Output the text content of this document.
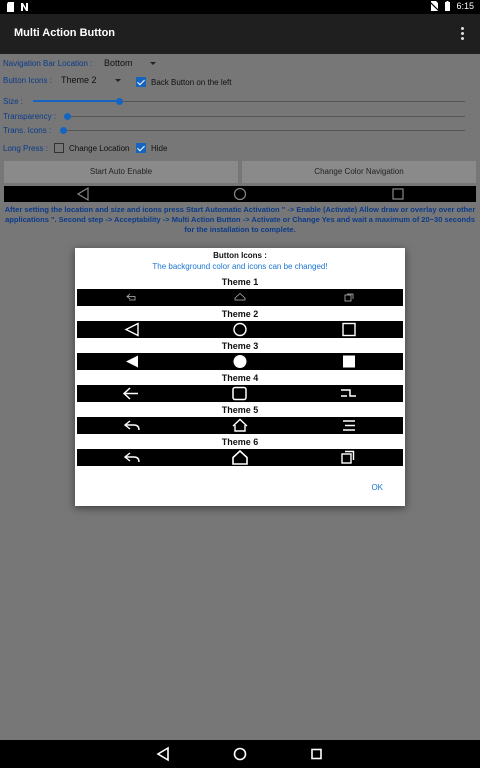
6:15
Multi Action Button
Navigation Bar Location : Bottom
Button Icons : Theme 2	Back Button on the left
Size :
Transparency :
Trans. Icons :
Long Press :	Change Location	Hide
Start Auto Enable	Change Color Navigation
After setting the location and size and icons press Start Automatic Activation " -> Enable (Activate) Allow draw or overlay over other applications ". Second step -> Acceptability -> Multi Action Button -> Activate or Change Yes and wait a maximum of 20~30 seconds for the installation to complete.
Button Icons :
The background color and icons can be changed!
Theme 1
Theme 2
Theme 3
Theme 4
Theme 5
Theme 6
OK
